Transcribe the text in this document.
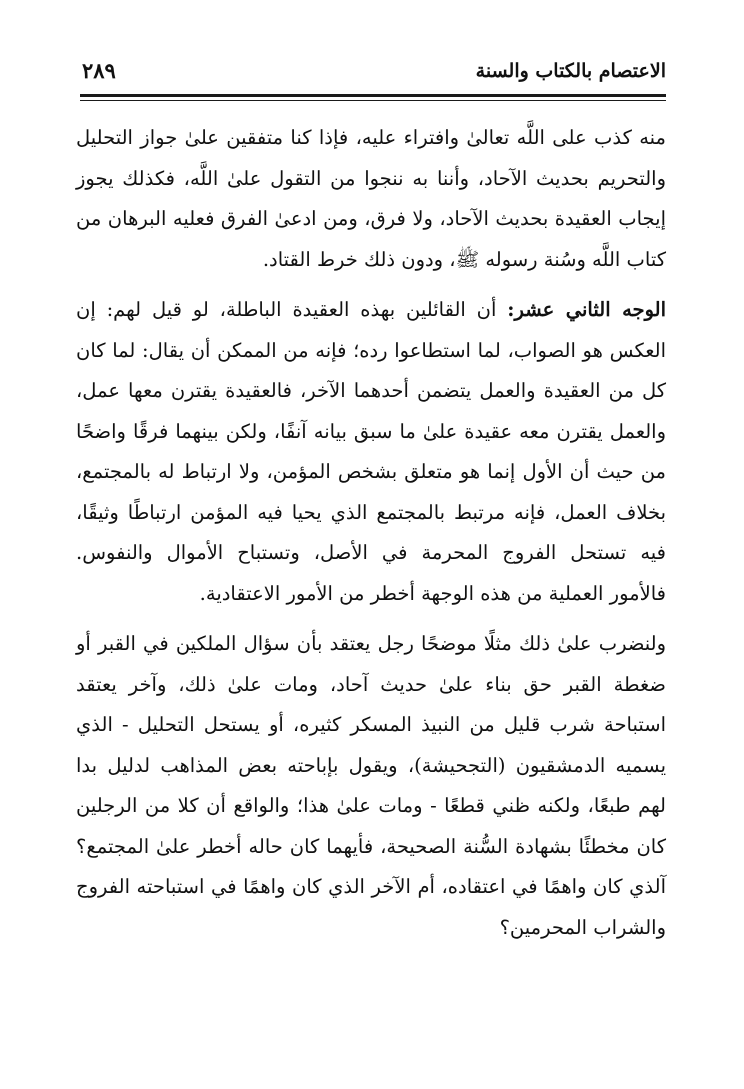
الاعتصام بالكتاب والسنة
٢٨٩

منه كذب على اللَّه تعالىٰ وافتراء عليه، فإذا كنا متفقين علىٰ جواز التحليل والتحريم بحديث الآحاد، وأننا به ننجوا من التقول علىٰ اللَّه، فكذلك يجوز إيجاب العقيدة بحديث الآحاد، ولا فرق، ومن ادعىٰ الفرق فعليه البرهان من كتاب اللَّه وسُنة رسوله ﷺ، ودون ذلك خرط القتاد.

الوجه الثاني عشر: أن القائلين بهذه العقيدة الباطلة، لو قيل لهم: إن العكس هو الصواب، لما استطاعوا رده؛ فإنه من الممكن أن يقال: لما كان كل من العقيدة والعمل يتضمن أحدهما الآخر، فالعقيدة يقترن معها عمل، والعمل يقترن معه عقيدة علىٰ ما سبق بيانه آنفًا، ولكن بينهما فرقًا واضحًا من حيث أن الأول إنما هو متعلق بشخص المؤمن، ولا ارتباط له بالمجتمع، بخلاف العمل، فإنه مرتبط بالمجتمع الذي يحيا فيه المؤمن ارتباطًا وثيقًا، فيه تستحل الفروج المحرمة في الأصل، وتستباح الأموال والنفوس. فالأمور العملية من هذه الوجهة أخطر من الأمور الاعتقادية.

ولنضرب علىٰ ذلك مثلًا موضحًا رجل يعتقد بأن سؤال الملكين في القبر أو ضغطة القبر حق بناء علىٰ حديث آحاد، ومات علىٰ ذلك، وآخر يعتقد استباحة شرب قليل من النبيذ المسكر كثيره، أو يستحل التحليل - الذي يسميه الدمشقيون (التجحيشة)، ويقول بإباحته بعض المذاهب لدليل بدا لهم طبعًا، ولكنه ظني قطعًا - ومات علىٰ هذا؛ والواقع أن كلا من الرجلين كان مخطئًا بشهادة السُّنة الصحيحة، فأيهما كان حاله أخطر علىٰ المجتمع؟ آلذي كان واهمًا في اعتقاده، أم الآخر الذي كان واهمًا في استباحته الفروج والشراب المحرمين؟
